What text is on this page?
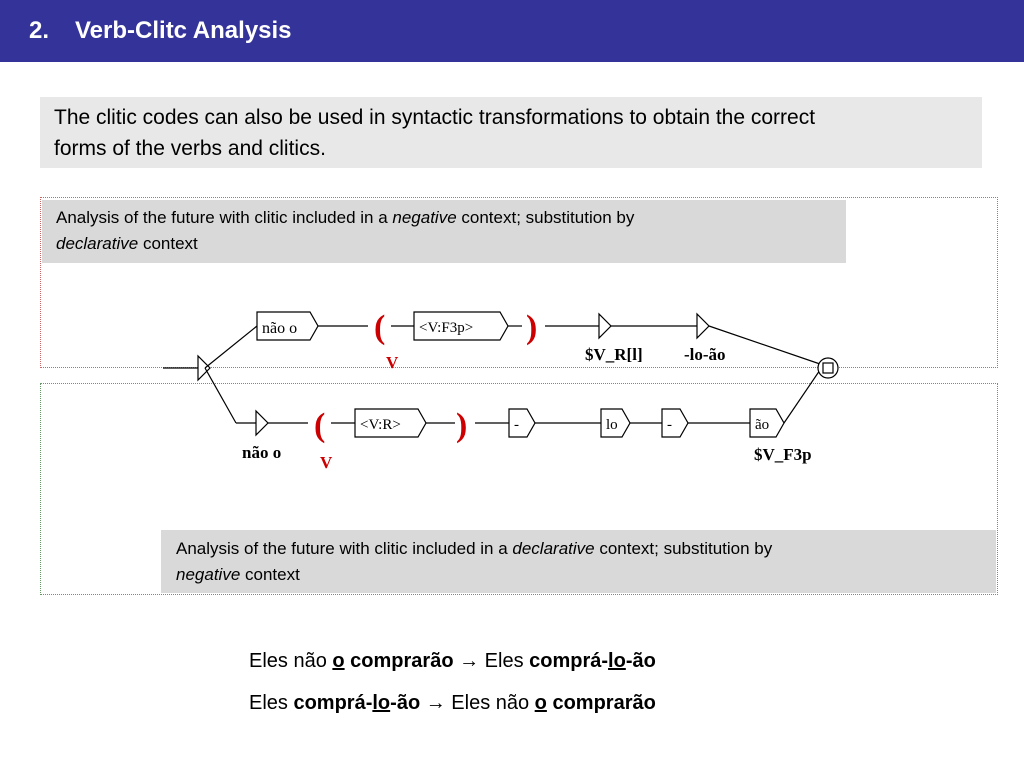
2. Verb-Clitc Analysis
The clitic codes can also be used in syntactic transformations to obtain the correct
forms of the verbs and clitics.
Analysis of the future with clitic included in a negative context; substitution by
declarative context
Analysis of the future with clitic included in a declarative context; substitution by
negative context
não o (
V
<V:F3p> )
$V_R[l] -lo-ão
não o
(
V
<V:R> )	-	lo	-	ão
$V_F3p
Eles não o comprarão → Eles comprá-lo-ão
Eles comprá-lo-ão → Eles não o comprarão
